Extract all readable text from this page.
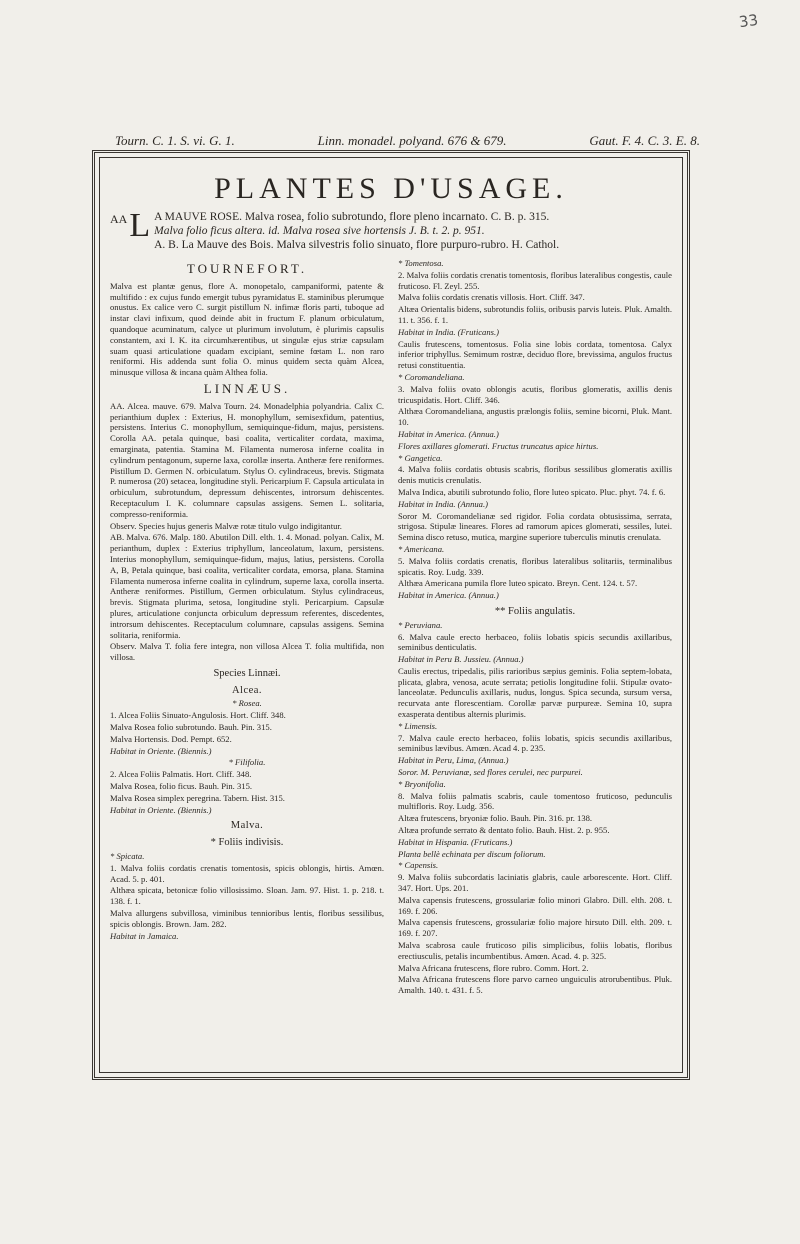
33
Tourn. C. 1. S. vi. G. 1.	Linn. monadel. polyand. 676 & 679.	Gaut. F. 4. C. 3. E. 8.
PLANTES D'USAGE.
AA L A MAUVE ROSE. Malva rosea, folio subrotundo, flore pleno incarnato. C. B. p. 315.
Malva folio ficus altera. id. Malva rosea sive hortensis J. B. t. 2. p. 951.
A. B. La Mauve des Bois. Malva silvestris folio sinuato, flore purpuro-rubro. H. Cathol.
TOURNEFORT.

Malva est plantæ genus, flore A. monopetalo, campaniformi, patente & multifido : ex cujus fundo emergit tubus pyramidatus E. staminibus plerumque onustus. Ex calice vero C. surgit pistillum N. infimæ floris parti, tuboque ad instar clavi infixum, quod deinde abit in fructum F. planum orbiculatum, quandoque acuminatum, calyce ut plurimum involutum, è plurimis capsulis constantem, axi I. K. ita circumhærentibus, ut singulæ ejus striæ capsulam suam quasi articulatione quadam excipiant, semine fœtam L. non raro reniformi. His addenda sunt folia O. minus quidem secta quàm Alcea, minusque villosa & incana quàm Althea folia.

LINNÆUS.

AA. Alcea. mauve. 679. Malva Tourn. 24. Monadelphia polyandria. Calix C. perianthium duplex : Exterius, H. monophyllum, semisexfidum, patentius, persistens. Interius C. monophyllum, semiquinque-fidum, majus, persistens. Corolla AA. petala quinque, basi coalita, verticaliter cordata, maxima, emarginata, patentia. Stamina M. Filamenta numerosa inferne coalita in cylindrum pentagonum, superne laxa, corollæ inserta. Antheræ fere reniformes. Pistillum D. Germen N. orbiculatum. Stylus O. cylindraceus, brevis. Stigmata P. numerosa (20) setacea, longitudine styli. Pericarpium F. Capsula articulata in orbiculum, subrotundum, depressum dehiscentes, introrsum dehiscentes. Receptaculum I. K. columnare capsulas assigens. Semen L. solitaria, compresso-reniformia.

Observ. Species hujus generis Malvæ rotæ titulo vulgo indigitantur.

AB. Malva. 676. Malp. 180. Abutilon Dill. elth. 1. 4. Monad. polyan. Calix, M. perianthum, duplex : Exterius triphyllum, lanceolatum, laxum, persistens. Interius monophyllum, semiquinque-fidum, majus, latius, persistens. Corolla A, B, Petala quinque, basi coalita, verticaliter cordata, emorsa, plana. Stamina Filamenta numerosa inferne coalita in cylindrum, superne laxa, corolla inserta. Antheræ reniformes. Pistillum, Germen orbiculatum. Stylus cylindraceus, brevis. Stigmata plurima, setosa, longitudine styli. Pericarpium. Capsulæ plures, articulatione conjuncta orbiculum depressum referentes, discedentes, introrsum dehiscentes. Receptaculum columnare, capsulas assigens. Semina solitaria, reniformia.

Observ. Malva T. folia fere integra, non villosa Alcea T. folia multifida, non villosa.

Species Linnæi.
Alcea.

* Rosea.

1. Alcea Foliis Sinuato-Angulosis. Hort. Cliff. 348.

Malva Rosea folio subrotundo. Bauh. Pin. 315.

Malva Hortensis. Dod. Pempt. 652.

Habitat in Oriente. (Biennis.)

* Filifolia.

2. Alcea Foliis Palmatis. Hort. Cliff. 348.

Malva Rosea, folio ficus. Bauh. Pin. 315.

Malva Rosea simplex peregrina. Tabern. Hist. 315.

Habitat in Oriente. (Biennis.)

Malva.
* Foliis indivisis.

* Spicata.

1. Malva foliis cordatis crenatis tomentosis, spicis oblongis, hirtis. Amœn. Acad. 5. p. 401.

Althæa spicata, betonicæ folio villosissimo. Sloan. Jam. 97. Hist. 1. p. 218. t. 138. f. 1.

Malva allurgens subvillosa, viminibus tennioribus lentis, floribus sessilibus, spicis oblongis. Brown. Jam. 282.

Habitat in Jamaica.

* Tomentosa.

2. Malva foliis cordatis crenatis tomentosis, floribus lateralibus congestis, caule fruticoso. Fl. Zeyl. 255.

Malva foliis cordatis crenatis villosis. Hort. Cliff. 347.

Altæa Orientalis bidens, subrotundis foliis, oribusis parvis luteis. Pluk. Amalth. 11. t. 356. f. 1.

Habitat in India. (Fruticans.)

Caulis frutescens, tomentosus. Folia sine lobis cordata, tomentosa. Calyx inferior triphyllus. Semimum rostræ, deciduo flore, brevissima, angulos fructus retusi constituentia.

* Coromandeliana.

3. Malva foliis ovato oblongis acutis, floribus glomeratis, axillis denis tricuspidatis. Hort. Cliff. 346.

Althæa Coromandeliana, angustis prælongis foliis, semine bicorni, Pluk. Mant. 10.

Habitat in America. (Annua.)

Flores axillares glomerati. Fructus truncatus apice hirtus.

* Gangetica.

4. Malva foliis cordatis obtusis scabris, floribus sessilibus glomeratis axillis denis muticis crenulatis.

Malva Indica, abutili subrotundo folio, flore luteo spicato. Pluc. phyt. 74. f. 6.

Habitat in India. (Annua.)

Soror M. Coromandelianæ sed rigidor. Folia cordata obtusissima, serrata, strigosa. Stipulæ lineares. Flores ad ramorum apices glomerati, sessiles, lutei. Semina disco retuso, mutica, margine superiore tuberculis minutis crenulata.

* Americana.

5. Malva foliis cordatis crenatis, floribus lateralibus solitariis, terminalibus spicatis. Roy. Ludg. 339.

Althæa Americana pumila flore luteo spicato. Breyn. Cent. 124. t. 57.

Habitat in America. (Annua.)

** Foliis angulatis.

* Peruviana.

6. Malva caule erecto herbaceo, foliis lobatis spicis secundis axillaribus, seminibus denticulatis.

Habitat in Peru B. Jussieu. (Annua.)

Caulis erectus, tripedalis, pilis rarioribus sæpius geminis. Folia septem-lobata, plicata, glabra, venosa, acute serrata; petiolis longitudine folii. Stipulæ ovato-lanceolatæ. Pedunculis axillaris, nudus, longus. Spica secunda, sursum versa, recurvata ante florescentiam. Corollæ parvæ purpureæ. Semina 10, supra exasperata dentibus alternis plurimis.

* Limensis.

7. Malva caule erecto herbaceo, foliis lobatis, spicis secundis axillaribus, seminibus lævibus. Amœn. Acad 4. p. 235.

Habitat in Peru, Lima, (Annua.)

Soror. M. Peruvianæ, sed flores cerulei, nec purpurei.

* Bryonifolia.

8. Malva foliis palmatis scabris, caule tomentoso fruticoso, pedunculis multifloris. Roy. Ludg. 356.

Altæa frutescens, bryoniæ folio. Bauh. Pin. 316. pr. 138.

Altæa profunde serrato & dentato folio. Bauh. Hist. 2. p. 955.

Habitat in Hispania. (Fruticans.)

Planta bellè echinata per discum foliorum.

* Capensis.

9. Malva foliis subcordatis laciniatis glabris, caule arborescente. Hort. Cliff. 347. Hort. Ups. 201.

Malva capensis frutescens, grossulariæ folio minori Glabro. Dill. elth. 208. t. 169. f. 206.

Malva capensis frutescens, grossulariæ folio majore hirsuto Dill. elth. 209. t. 169. f. 207.

Malva scabrosa caule fruticoso pilis simplicibus, foliis lobatis, floribus erectiusculis, petalis incumbentibus. Amœn. Acad. 4. p. 325.

Malva Africana frutescens, flore rubro. Comm. Hort. 2.

Malva Africana frutescens flore parvo carneo unguiculis atrorubentibus. Pluk. Amalth. 140. t. 431. f. 5.
